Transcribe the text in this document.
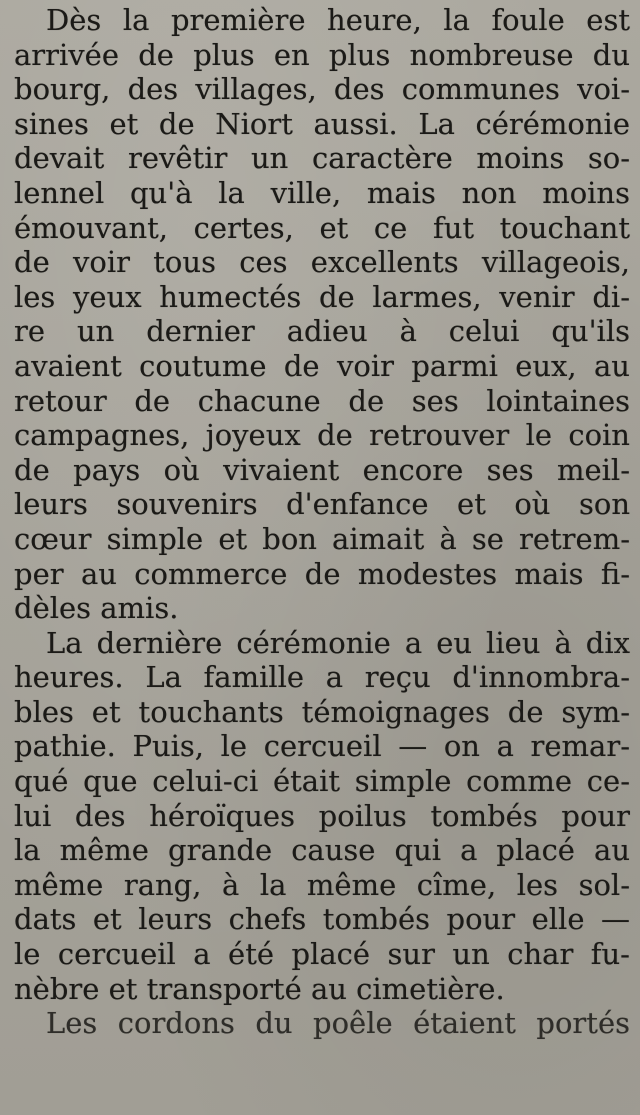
Dès la première heure, la foule est
arrivée de plus en plus nombreuse du
bourg, des villages, des communes voi-
sines et de Niort aussi. La cérémonie
devait revêtir un caractère moins so-
lennel qu'à la ville, mais non moins
émouvant, certes, et ce fut touchant
de voir tous ces excellents villageois,
les yeux humectés de larmes, venir di-
re un dernier adieu à celui qu'ils
avaient coutume de voir parmi eux, au
retour de chacune de ses lointaines
campagnes, joyeux de retrouver le coin
de pays où vivaient encore ses meil-
leurs souvenirs d'enfance et où son
cœur simple et bon aimait à se retrem-
per au commerce de modestes mais fi-
dèles amis.
La dernière cérémonie a eu lieu à dix
heures. La famille a reçu d'innombra-
bles et touchants témoignages de sym-
pathie. Puis, le cercueil — on a remar-
qué que celui-ci était simple comme ce-
lui des héroïques poilus tombés pour
la même grande cause qui a placé au
même rang, à la même cîme, les sol-
dats et leurs chefs tombés pour elle —
le cercueil a été placé sur un char fu-
nèbre et transporté au cimetière.
Les cordons du poêle étaient portés
